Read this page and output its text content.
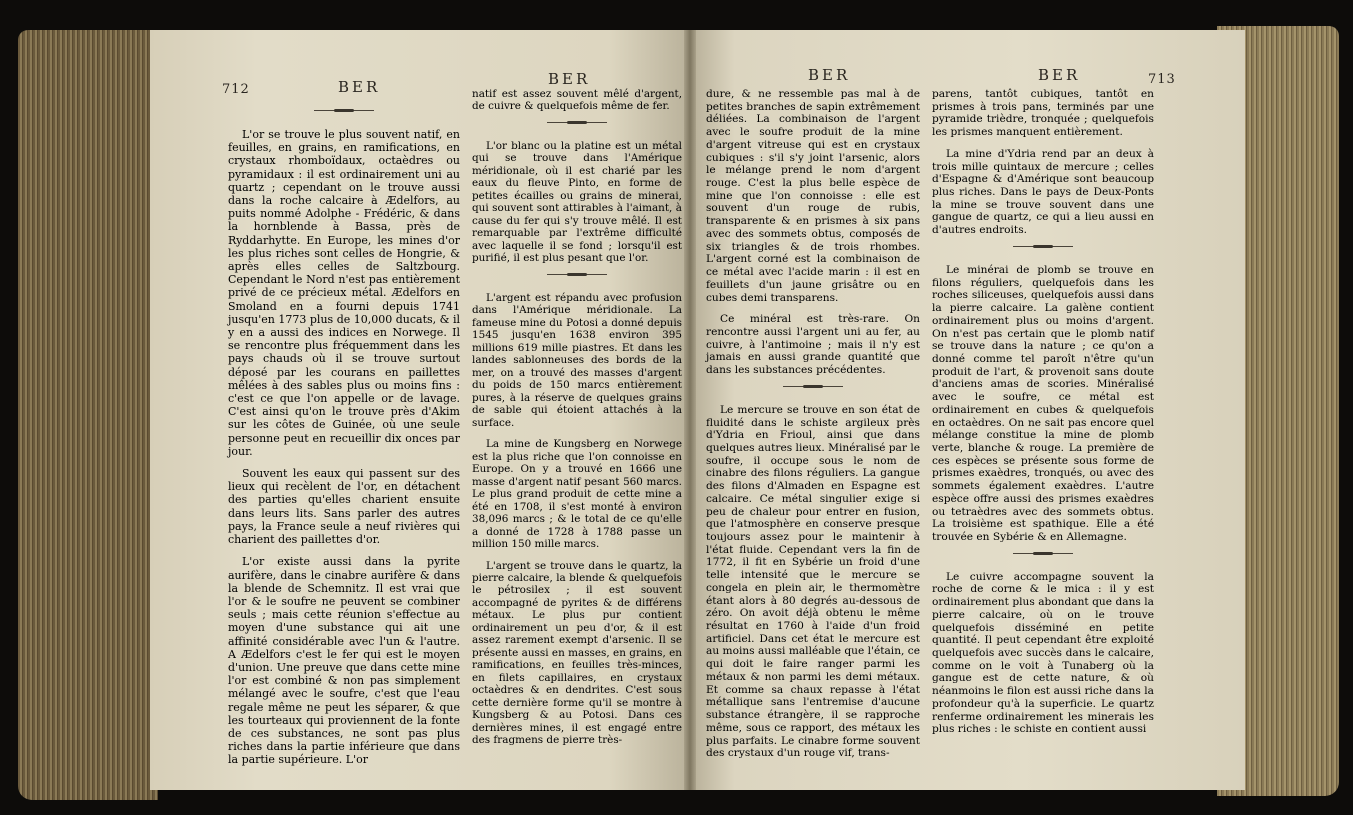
712	BER	BER	BER	BER	713

L'or se trouve le plus souvent natif, en feuilles, en grains, en ramifications, en crystaux rhomboïdaux, octaèdres ou pyramidaux : il est ordinairement uni au quartz ; cependant on le trouve aussi dans la roche calcaire à Ædelfors, au puits nommé Adolphe - Frédéric, & dans la hornblende à Bassa, près de Ryddarhytte. En Europe, les mines d'or les plus riches sont celles de Hongrie, & après elles celles de Saltzbourg. Cependant le Nord n'est pas entièrement privé de ce précieux métal. Ædelfors en Smoland en a fourni depuis 1741 jusqu'en 1773 plus de 10,000 ducats, & il y en a aussi des indices en Norwege. Il se rencontre plus fréquemment dans les pays chauds où il se trouve surtout déposé par les courans en paillettes mêlées à des sables plus ou moins fins : c'est ce que l'on appelle or de lavage. C'est ainsi qu'on le trouve près d'Akim sur les côtes de Guinée, où une seule personne peut en recueillir dix onces par jour.

Souvent les eaux qui passent sur des lieux qui recèlent de l'or, en détachent des parties qu'elles charient ensuite dans leurs lits. Sans parler des autres pays, la France seule a neuf rivières qui charient des paillettes d'or.

L'or existe aussi dans la pyrite aurifère, dans le cinabre aurifère & dans la blende de Schemnitz. Il est vrai que l'or & le soufre ne peuvent se combiner seuls ; mais cette réunion s'effectue au moyen d'une substance qui ait une affinité considérable avec l'un & l'autre. A Ædelfors c'est le fer qui est le moyen d'union. Une preuve que dans cette mine l'or est combiné & non pas simplement mélangé avec le soufre, c'est que l'eau regale même ne peut les séparer, & que les tourteaux qui proviennent de la fonte de ces substances, ne sont pas plus riches dans la partie inférieure que dans la partie supérieure. L'or

natif est assez souvent mêlé d'argent, de cuivre & quelquefois même de fer.

L'or blanc ou la platine est un métal qui se trouve dans l'Amérique méridionale, où il est charié par les eaux du fleuve Pinto, en forme de petites écailles ou grains de minerai, qui souvent sont attirables à l'aimant, à cause du fer qui s'y trouve mêlé. Il est remarquable par l'extrême difficulté avec laquelle il se fond ; lorsqu'il est purifié, il est plus pesant que l'or.

L'argent est répandu avec profusion dans l'Amérique méridionale. La fameuse mine du Potosi a donné depuis 1545 jusqu'en 1638 environ 395 millions 619 mille piastres. Et dans les landes sablonneuses des bords de la mer, on a trouvé des masses d'argent du poids de 150 marcs entièrement pures, à la réserve de quelques grains de sable qui étoient attachés à la surface.

La mine de Kungsberg en Norwege est la plus riche que l'on connoisse en Europe. On y a trouvé en 1666 une masse d'argent natif pesant 560 marcs. Le plus grand produit de cette mine a été en 1708, il s'est monté à environ 38,096 marcs ; & le total de ce qu'elle a donné de 1728 à 1788 passe un million 150 mille marcs.

L'argent se trouve dans le quartz, la pierre calcaire, la blende & quelquefois le pétrosilex ; il est souvent accompagné de pyrites & de différens métaux. Le plus pur contient ordinairement un peu d'or, & il est assez rarement exempt d'arsenic. Il se présente aussi en masses, en grains, en ramifications, en feuilles très-minces, en filets capillaires, en crystaux octaèdres & en dendrites. C'est sous cette dernière forme qu'il se montre à Kungsberg & au Potosi. Dans ces dernières mines, il est engagé entre des fragmens de pierre très-

dure, & ne ressemble pas mal à de petites branches de sapin extrêmement déliées. La combinaison de l'argent avec le soufre produit de la mine d'argent vitreuse qui est en crystaux cubiques : s'il s'y joint l'arsenic, alors le mélange prend le nom d'argent rouge. C'est la plus belle espèce de mine que l'on connoisse : elle est souvent d'un rouge de rubis, transparente & en prismes à six pans avec des sommets obtus, composés de six triangles & de trois rhombes. L'argent corné est la combinaison de ce métal avec l'acide marin : il est en feuillets d'un jaune grisâtre ou en cubes demi transparens.

Ce minéral est très-rare. On rencontre aussi l'argent uni au fer, au cuivre, à l'antimoine ; mais il n'y est jamais en aussi grande quantité que dans les substances précédentes.

Le mercure se trouve en son état de fluidité dans le schiste argileux près d'Ydria en Frioul, ainsi que dans quelques autres lieux. Minéralisé par le soufre, il occupe sous le nom de cinabre des filons réguliers. La gangue des filons d'Almaden en Espagne est calcaire. Ce métal singulier exige si peu de chaleur pour entrer en fusion, que l'atmosphère en conserve presque toujours assez pour le maintenir à l'état fluide. Cependant vers la fin de 1772, il fit en Sybérie un froid d'une telle intensité que le mercure se congela en plein air, le thermomètre étant alors à 80 degrés au-dessous de zéro. On avoit déjà obtenu le même résultat en 1760 à l'aide d'un froid artificiel. Dans cet état le mercure est au moins aussi malléable que l'étain, ce qui doit le faire ranger parmi les métaux & non parmi les demi métaux. Et comme sa chaux repasse à l'état métallique sans l'entremise d'aucune substance étrangère, il se rapproche même, sous ce rapport, des métaux les plus parfaits. Le cinabre forme souvent des crystaux d'un rouge vif, trans-

parens, tantôt cubiques, tantôt en prismes à trois pans, terminés par une pyramide trièdre, tronquée ; quelquefois les prismes manquent entièrement.

La mine d'Ydria rend par an deux à trois mille quintaux de mercure ; celles d'Espagne & d'Amérique sont beaucoup plus riches. Dans le pays de Deux-Ponts la mine se trouve souvent dans une gangue de quartz, ce qui a lieu aussi en d'autres endroits.

Le minérai de plomb se trouve en filons réguliers, quelquefois dans les roches siliceuses, quelquefois aussi dans la pierre calcaire. La galène contient ordinairement plus ou moins d'argent. On n'est pas certain que le plomb natif se trouve dans la nature ; ce qu'on a donné comme tel paroît n'être qu'un produit de l'art, & provenoit sans doute d'anciens amas de scories. Minéralisé avec le soufre, ce métal est ordinairement en cubes & quelquefois en octaèdres. On ne sait pas encore quel mélange constitue la mine de plomb verte, blanche & rouge. La première de ces espèces se présente sous forme de prismes exaèdres, tronqués, ou avec des sommets également exaèdres. L'autre espèce offre aussi des prismes exaèdres ou tetraèdres avec des sommets obtus. La troisième est spathique. Elle a été trouvée en Sybérie & en Allemagne.

Le cuivre accompagne souvent la roche de corne & le mica : il y est ordinairement plus abondant que dans la pierre calcaire, où on le trouve quelquefois disséminé en petite quantité. Il peut cependant être exploité quelquefois avec succès dans le calcaire, comme on le voit à Tunaberg où la gangue est de cette nature, & où néanmoins le filon est aussi riche dans la profondeur qu'à la superficie. Le quartz renferme ordinairement les minerais les plus riches : le schiste en contient aussi
